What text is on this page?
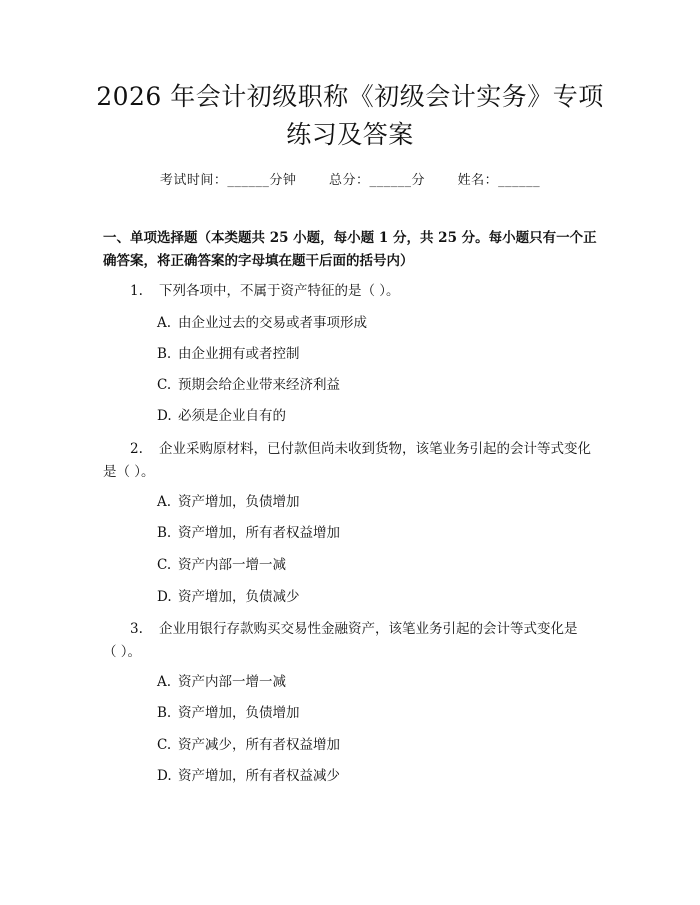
2026 年会计初级职称《初级会计实务》专项
练习及答案
考试时间：______分钟	总分：______分	姓名：______
一、单项选择题（本类题共 25 小题，每小题 1 分，共 25 分。每小题只有一个正
确答案，将正确答案的字母填在题干后面的括号内）
1. 下列各项中，不属于资产特征的是（ ）。
A. 由企业过去的交易或者事项形成
B. 由企业拥有或者控制
C. 预期会给企业带来经济利益
D. 必须是企业自有的
2. 企业采购原材料，已付款但尚未收到货物，该笔业务引起的会计等式变化
是（ ）。
A. 资产增加，负债增加
B. 资产增加，所有者权益增加
C. 资产内部一增一减
D. 资产增加，负债减少
3. 企业用银行存款购买交易性金融资产，该笔业务引起的会计等式变化是
（ ）。
A. 资产内部一增一减
B. 资产增加，负债增加
C. 资产减少，所有者权益增加
D. 资产增加，所有者权益减少
